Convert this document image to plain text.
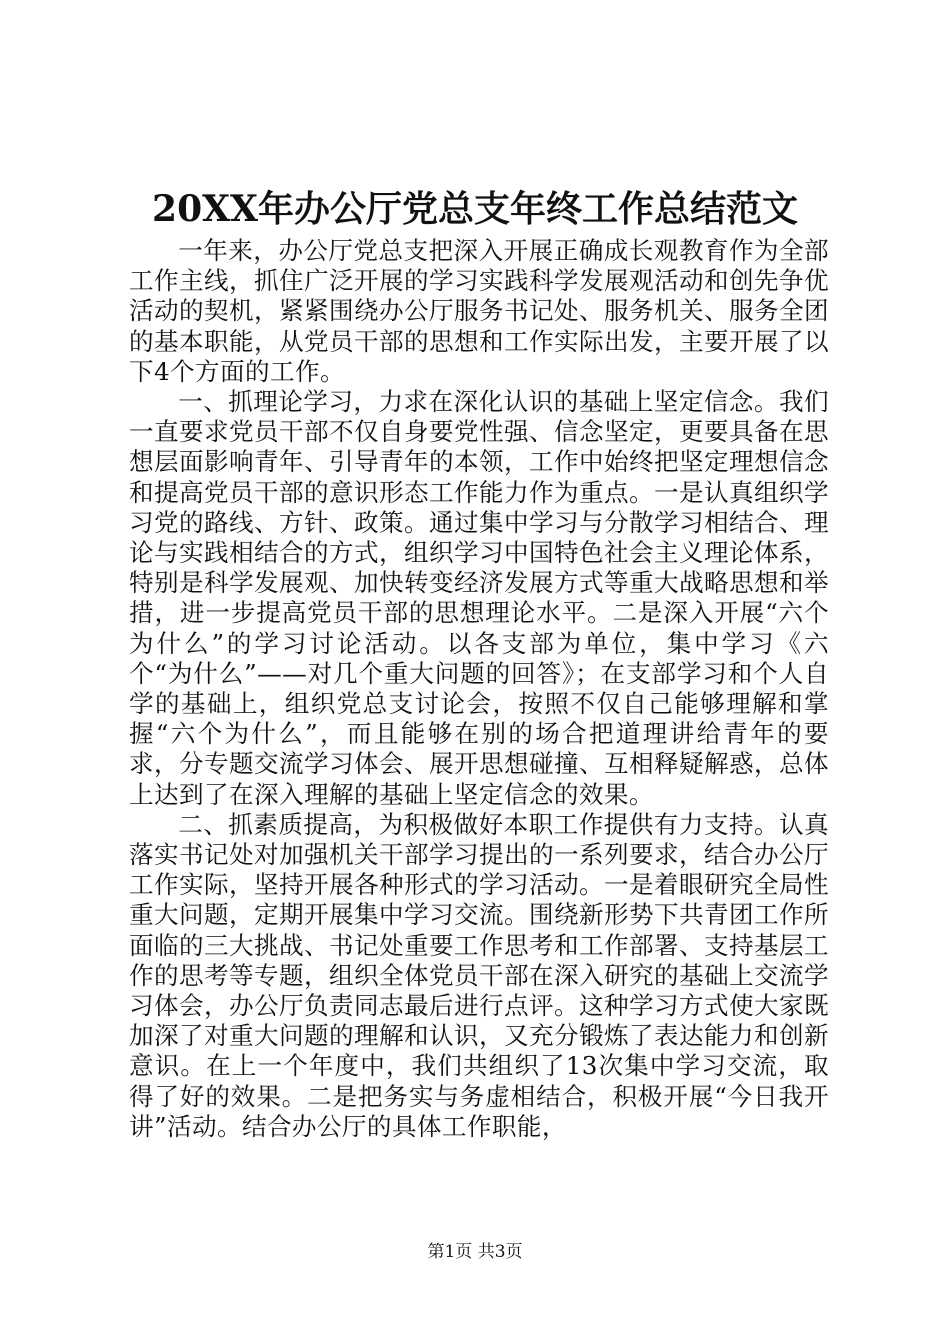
20XX年办公厅党总支年终工作总结范文

一年来，办公厅党总支把深入开展正确成长观教育作为全部工作主线，抓住广泛开展的学习实践科学发展观活动和创先争优活动的契机，紧紧围绕办公厅服务书记处、服务机关、服务全团的基本职能，从党员干部的思想和工作实际出发，主要开展了以下4个方面的工作。

一、抓理论学习，力求在深化认识的基础上坚定信念。我们一直要求党员干部不仅自身要党性强、信念坚定，更要具备在思想层面影响青年、引导青年的本领，工作中始终把坚定理想信念和提高党员干部的意识形态工作能力作为重点。一是认真组织学习党的路线、方针、政策。通过集中学习与分散学习相结合、理论与实践相结合的方式，组织学习中国特色社会主义理论体系，特别是科学发展观、加快转变经济发展方式等重大战略思想和举措，进一步提高党员干部的思想理论水平。二是深入开展“六个为什么”的学习讨论活动。以各支部为单位，集中学习《六个“为什么”——对几个重大问题的回答》；在支部学习和个人自学的基础上，组织党总支讨论会，按照不仅自己能够理解和掌握“六个为什么”，而且能够在别的场合把道理讲给青年的要求，分专题交流学习体会、展开思想碰撞、互相释疑解惑，总体上达到了在深入理解的基础上坚定信念的效果。

二、抓素质提高，为积极做好本职工作提供有力支持。认真落实书记处对加强机关干部学习提出的一系列要求，结合办公厅工作实际，坚持开展各种形式的学习活动。一是着眼研究全局性重大问题，定期开展集中学习交流。围绕新形势下共青团工作所面临的三大挑战、书记处重要工作思考和工作部署、支持基层工作的思考等专题，组织全体党员干部在深入研究的基础上交流学习体会，办公厅负责同志最后进行点评。这种学习方式使大家既加深了对重大问题的理解和认识，又充分锻炼了表达能力和创新意识。在上一个年度中，我们共组织了13次集中学习交流，取得了好的效果。二是把务实与务虚相结合，积极开展“今日我开讲”活动。结合办公厅的具体工作职能，

第1页 共3页
